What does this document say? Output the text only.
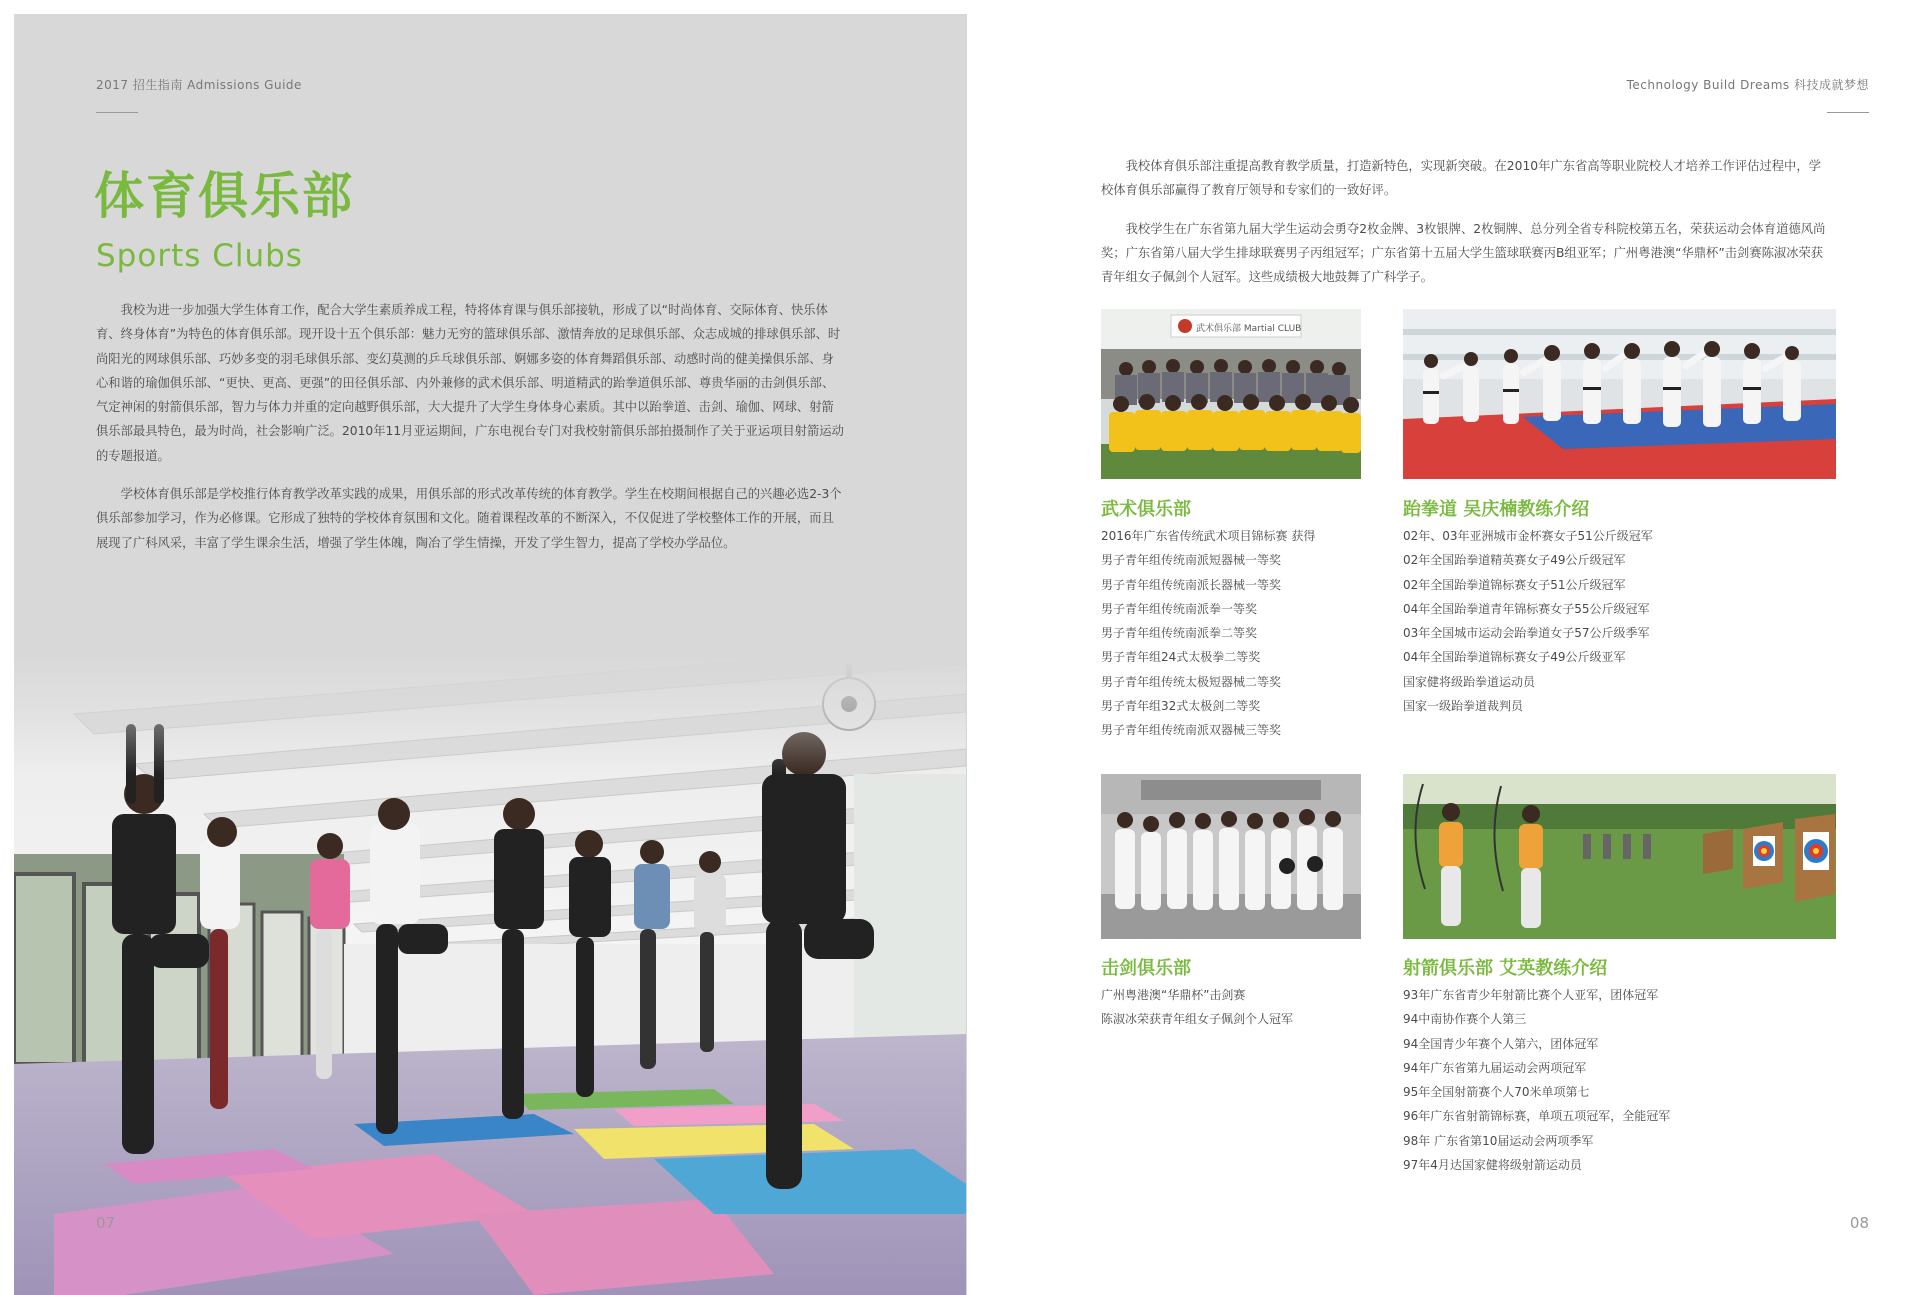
2017 招生指南 Admissions Guide
体育俱乐部
Sports Clubs

我校为进一步加强大学生体育工作，配合大学生素质养成工程，特将体育课与俱乐部接轨，形成了以“时尚体育、交际体育、快乐体育、终身体育”为特色的体育俱乐部。现开设十五个俱乐部：魅力无穷的篮球俱乐部、激情奔放的足球俱乐部、众志成城的排球俱乐部、时尚阳光的网球俱乐部、巧妙多变的羽毛球俱乐部、变幻莫测的乒乓球俱乐部、婀娜多姿的体育舞蹈俱乐部、动感时尚的健美操俱乐部、身心和谐的瑜伽俱乐部、“更快、更高、更强”的田径俱乐部、内外兼修的武术俱乐部、明道精武的跆拳道俱乐部、尊贵华丽的击剑俱乐部、气定神闲的射箭俱乐部，智力与体力并重的定向越野俱乐部，大大提升了大学生身体身心素质。其中以跆拳道、击剑、瑜伽、网球、射箭俱乐部最具特色，最为时尚，社会影响广泛。2010年11月亚运期间，广东电视台专门对我校射箭俱乐部拍摄制作了关于亚运项目射箭运动的专题报道。

学校体育俱乐部是学校推行体育教学改革实践的成果，用俱乐部的形式改革传统的体育教学。学生在校期间根据自己的兴趣必选2-3个俱乐部参加学习，作为必修课。它形成了独特的学校体育氛围和文化。随着课程改革的不断深入，不仅促进了学校整体工作的开展，而且展现了广科风采，丰富了学生课余生活，增强了学生体魄，陶冶了学生情操，开发了学生智力，提高了学校办学品位。

07
Technology Build Dreams 科技成就梦想

我校体育俱乐部注重提高教育教学质量，打造新特色，实现新突破。在2010年广东省高等职业院校人才培养工作评估过程中，学校体育俱乐部赢得了教育厅领导和专家们的一致好评。

我校学生在广东省第九届大学生运动会勇夺2枚金牌、3枚银牌、2枚铜牌、总分列全省专科院校第五名，荣获运动会体育道德风尚奖；广东省第八届大学生排球联赛男子丙组冠军；广东省第十五届大学生篮球联赛丙B组亚军；广州粤港澳“华鼎杯”击剑赛陈淑冰荣获青年组女子佩剑个人冠军。这些成绩极大地鼓舞了广科学子。

武术俱乐部 Martial CLUB
武术俱乐部
2016年广东省传统武术项目锦标赛 获得
男子青年组传统南派短器械一等奖
男子青年组传统南派长器械一等奖
男子青年组传统南派拳一等奖
男子青年组传统南派拳二等奖
男子青年组24式太极拳二等奖
男子青年组传统太极短器械二等奖
男子青年组32式太极剑二等奖
男子青年组传统南派双器械三等奖
跆拳道 吴庆楠教练介绍
02年、03年亚洲城市金杯赛女子51公斤级冠军
02年全国跆拳道精英赛女子49公斤级冠军
02年全国跆拳道锦标赛女子51公斤级冠军
04年全国跆拳道青年锦标赛女子55公斤级冠军
03年全国城市运动会跆拳道女子57公斤级季军
04年全国跆拳道锦标赛女子49公斤级亚军
国家健将级跆拳道运动员
国家一级跆拳道裁判员
击剑俱乐部
广州粤港澳“华鼎杯”击剑赛
陈淑冰荣获青年组女子佩剑个人冠军
射箭俱乐部 艾英教练介绍
93年广东省青少年射箭比赛个人亚军，团体冠军
94中南协作赛个人第三
94全国青少年赛个人第六，团体冠军
94年广东省第九届运动会两项冠军
95年全国射箭赛个人70米单项第七
96年广东省射箭锦标赛，单项五项冠军，全能冠军
98年 广东省第10届运动会两项季军
97年4月达国家健将级射箭运动员
08
